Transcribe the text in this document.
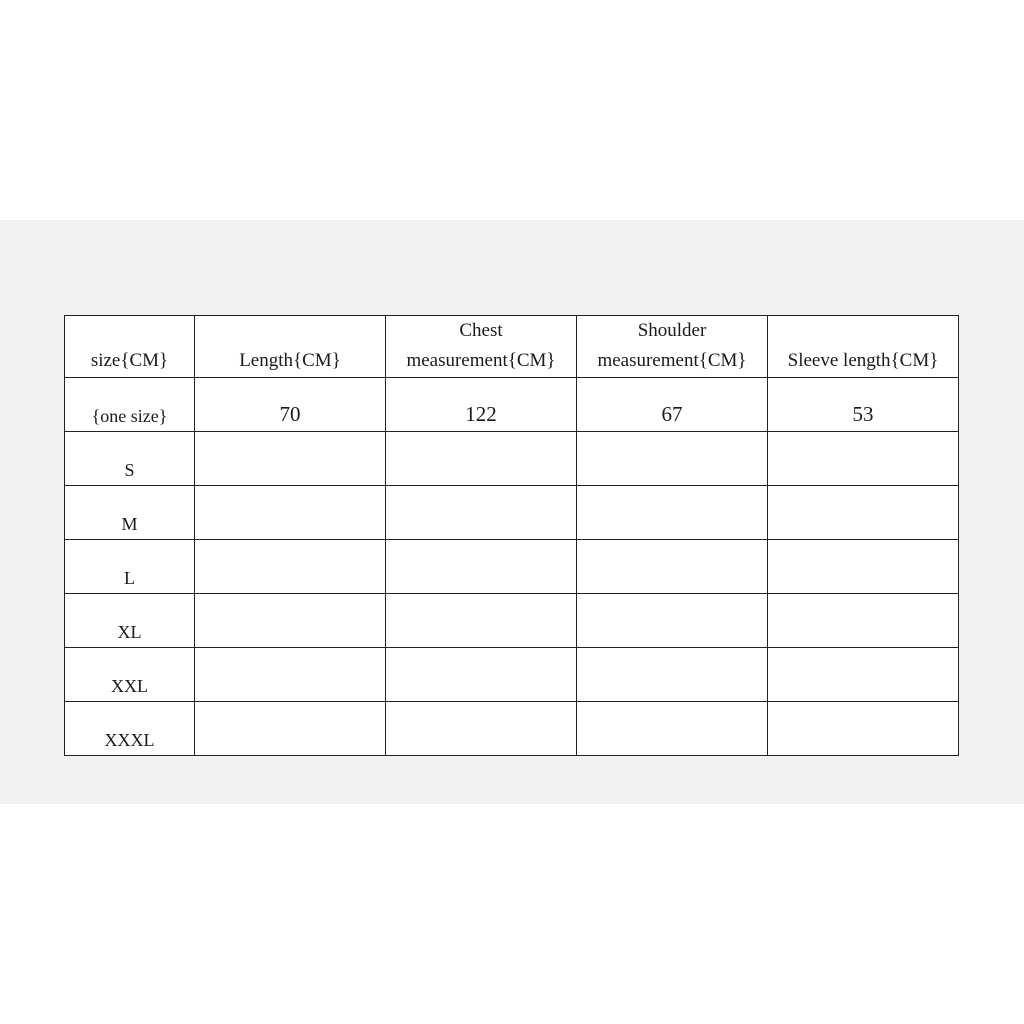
size{CM}	Length{CM}	Chest measurement{CM}	Shoulder measurement{CM}	Sleeve length{CM}
{one size}	70	122	67	53
S				
M				
L				
XL				
XXL				
XXXL				
